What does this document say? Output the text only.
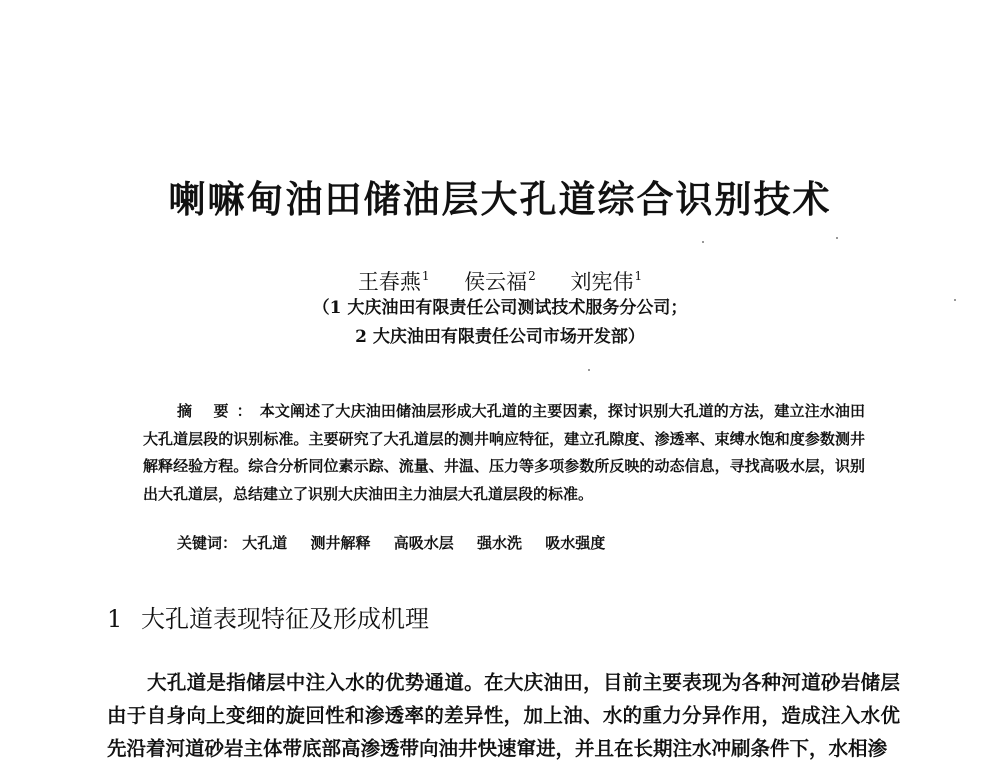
喇嘛甸油田储油层大孔道综合识别技术
王春燕$^1$ 侯云福$^2$ 刘宪伟$^1$
（1 大庆油田有限责任公司测试技术服务分公司；
2 大庆油田有限责任公司市场开发部）

摘 要：本文阐述了大庆油田储油层形成大孔道的主要因素，探讨识别大孔道的方法，建立注水油田大孔道层段的识别标准。主要研究了大孔道层的测井响应特征，建立孔隙度、渗透率、束缚水饱和度参数测井解释经验方程。综合分析同位素示踪、流量、井温、压力等多项参数所反映的动态信息，寻找高吸水层，识别出大孔道层，总结建立了识别大庆油田主力油层大孔道层段的标准。

关键词： 大孔道 测井解释 高吸水层 强水洗 吸水强度
1 大孔道表现特征及形成机理

大孔道是指储层中注入水的优势通道。在大庆油田，目前主要表现为各种河道砂岩储层由于自身向上变细的旋回性和渗透率的差异性，加上油、水的重力分异作用，造成注入水优先沿着河道砂岩主体带底部高渗透带向油井快速窜进，并且在长期注水冲刷条件下，水相渗
